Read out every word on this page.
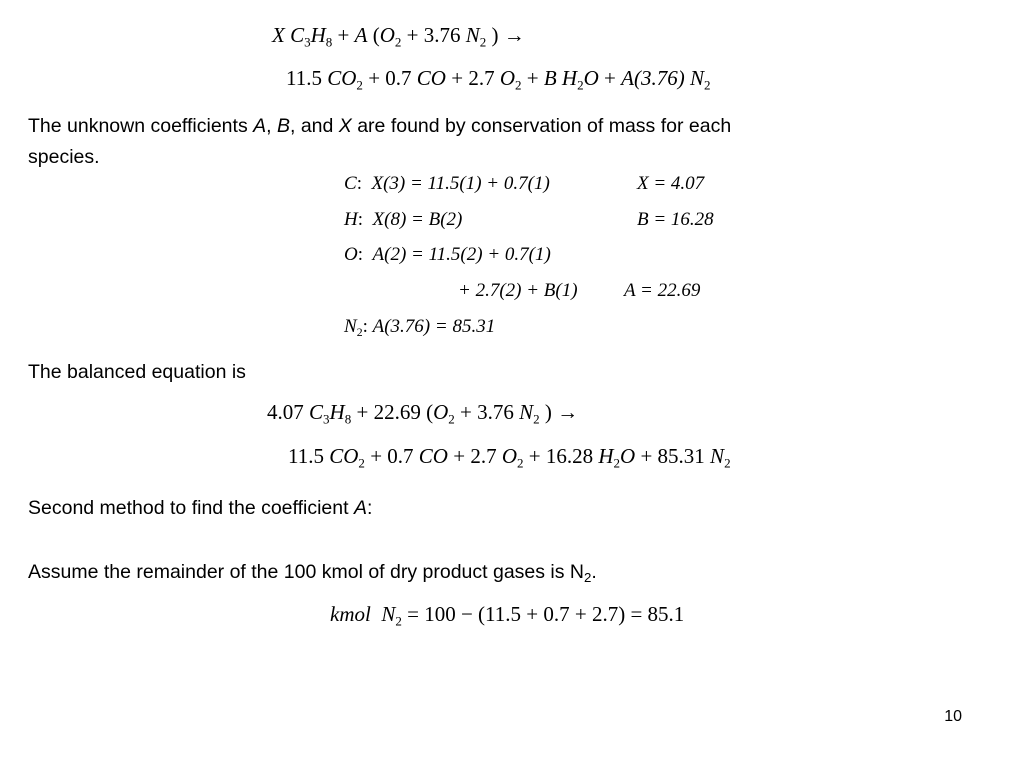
X $C_3H_8 + A$ ($O_2 + 3.76$ $N_2$ ) →
11.5 $CO_2 + 0.7$ CO + 2.7 $O_2 + B$ $H_2O + A(3.76)$ $N_2$
The unknown coefficients A, B, and X are found by conservation of mass for each
species.
C:  X(3) = 11.5(1) + 0.7(1)	X = 4.07
H:  X(8) = B(2)	B = 16.28
O:  A(2) = 11.5(2) + 0.7(1)
+ 2.7(2) + B(1) A = 22.69
$N_2$: A(3.76) = 85.31
The balanced equation is
4.07 $C_3H_8 + 22.69$ ($O_2 + 3.76$ $N_2$ ) →
11.5 $CO_2 + 0.7$ CO + 2.7 $O_2 + 16.28$ $H_2O + 85.31$ $N_2$
Second method to find the coefficient A:
Assume the remainder of the 100 kmol of dry product gases is $N_2$.
kmol $N_2 = 100 - (11.5 + 0.7 + 2.7) = 85.1$
10
